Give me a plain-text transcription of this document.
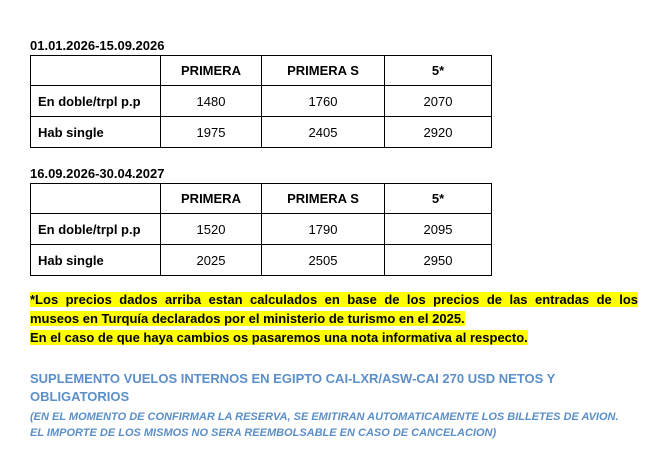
01.01.2026-15.09.2026
	PRIMERA	PRIMERA S	5*
En doble/trpl p.p	1480	1760	2070
Hab single	1975	2405	2920
16.09.2026-30.04.2027
	PRIMERA	PRIMERA S	5*
En doble/trpl p.p	1520	1790	2095
Hab single	2025	2505	2950
*Los precios dados arriba estan calculados en base de los precios de las entradas de los
museos en Turquía declarados por el ministerio de turismo en el 2025.
En el caso de que haya cambios os pasaremos una nota informativa al respecto.
SUPLEMENTO VUELOS INTERNOS EN EGIPTO CAI-LXR/ASW-CAI 270 USD NETOS Y
OBLIGATORIOS
(EN EL MOMENTO DE CONFIRMAR LA RESERVA, SE EMITIRAN AUTOMATICAMENTE LOS BILLETES DE AVION.
EL IMPORTE DE LOS MISMOS NO SERA REEMBOLSABLE EN CASO DE CANCELACION)
